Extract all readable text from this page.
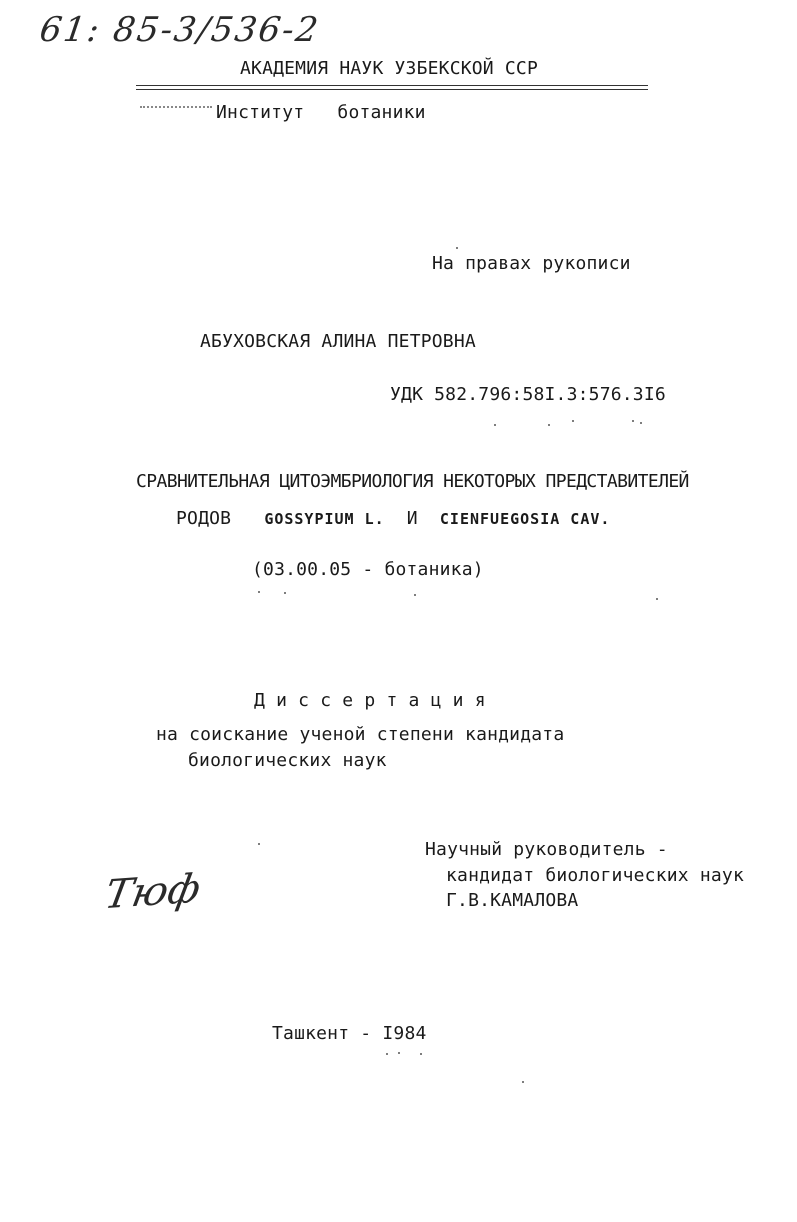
61: 85-3/536-2
АКАДЕМИЯ НАУК УЗБЕКСКОЙ ССР
Институт   ботаники
На правах рукописи
АБУХОВСКАЯ АЛИНА ПЕТРОВНА
УДК 582.796:58I.3:576.3I6
СРАВНИТЕЛЬНАЯ ЦИТОЭМБРИОЛОГИЯ НЕКОТОРЫХ ПРЕДСТАВИТЕЛЕЙ
РОДОВ GOSSYPIUM L. И CIENFUEGOSIA CAV.
(03.00.05 - ботаника)
Д и с с е р т а ц и я
на соискание ученой степени кандидата
биологических наук
Научный руководитель -
кандидат биологических наук
Г.В.КАМАЛОВА
Тюф
Ташкент - I984
